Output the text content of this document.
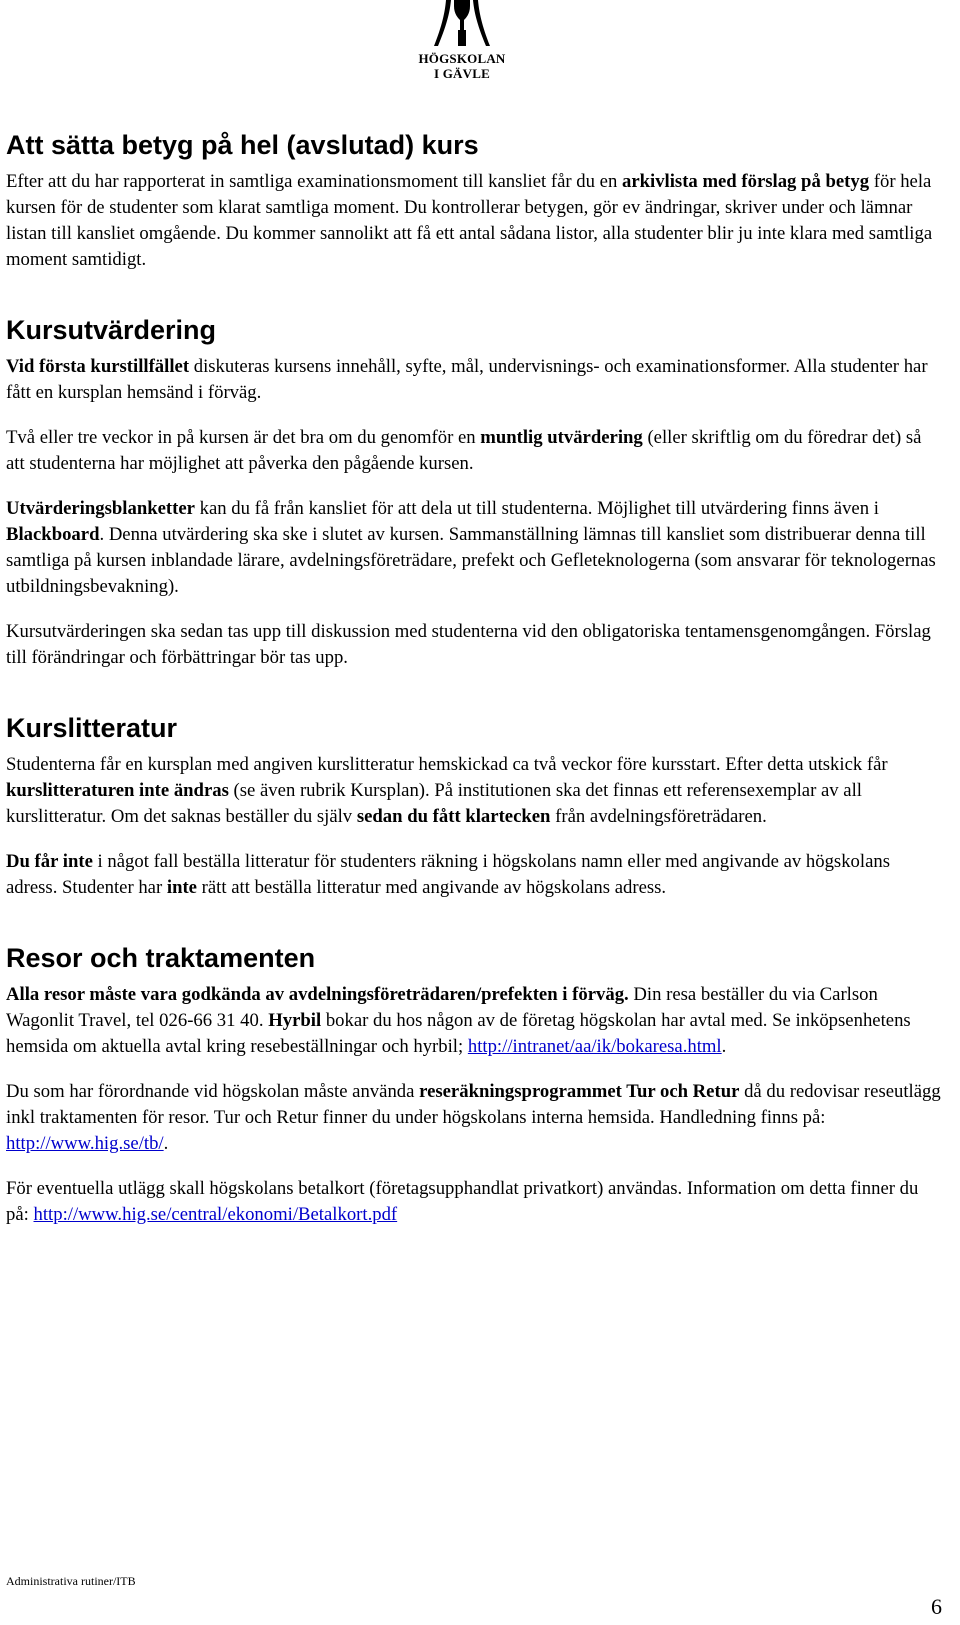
HÖGSKOLAN
I GÄVLE
Att sätta betyg på hel (avslutad) kurs

Efter att du har rapporterat in samtliga examinationsmoment till kansliet får du en arkivlista med förslag på betyg för hela kursen för de studenter som klarat samtliga moment. Du kontrollerar betygen, gör ev ändringar, skriver under och lämnar listan till kansliet omgående. Du kommer sannolikt att få ett antal sådana listor, alla studenter blir ju inte klara med samtliga moment samtidigt.

Kursutvärdering

Vid första kurstillfället diskuteras kursens innehåll, syfte, mål, undervisnings- och examinationsformer. Alla studenter har fått en kursplan hemsänd i förväg.

Två eller tre veckor in på kursen är det bra om du genomför en muntlig utvärdering (eller skriftlig om du föredrar det) så att studenterna har möjlighet att påverka den pågående kursen.

Utvärderingsblanketter kan du få från kansliet för att dela ut till studenterna. Möjlighet till utvärdering finns även i Blackboard. Denna utvärdering ska ske i slutet av kursen. Sammanställning lämnas till kansliet som distribuerar denna till samtliga på kursen inblandade lärare, avdelningsföreträdare, prefekt och Gefleteknologerna (som ansvarar för teknologernas utbildningsbevakning).

Kursutvärderingen ska sedan tas upp till diskussion med studenterna vid den obligatoriska tentamensgenomgången. Förslag till förändringar och förbättringar bör tas upp.

Kurslitteratur

Studenterna får en kursplan med angiven kurslitteratur hemskickad ca två veckor före kursstart. Efter detta utskick får kurslitteraturen inte ändras (se även rubrik Kursplan). På institutionen ska det finnas ett referensexemplar av all kurslitteratur. Om det saknas beställer du själv sedan du fått klartecken från avdelningsföreträdaren.

Du får inte i något fall beställa litteratur för studenters räkning i högskolans namn eller med angivande av högskolans adress. Studenter har inte rätt att beställa litteratur med angivande av högskolans adress.

Resor och traktamenten

Alla resor måste vara godkända av avdelningsföreträdaren/prefekten i förväg. Din resa beställer du via Carlson Wagonlit Travel, tel 026-66 31 40. Hyrbil bokar du hos någon av de företag högskolan har avtal med. Se inköpsenhetens hemsida om aktuella avtal kring resebeställningar och hyrbil; http://intranet/aa/ik/bokaresa.html.

Du som har förordnande vid högskolan måste använda reseräkningsprogrammet Tur och Retur då du redovisar reseutlägg inkl traktamenten för resor. Tur och Retur finner du under högskolans interna hemsida. Handledning finns på: http://www.hig.se/tb/.

För eventuella utlägg skall högskolans betalkort (företagsupphandlat privatkort) användas. Information om detta finner du på: http://www.hig.se/central/ekonomi/Betalkort.pdf

Administrativa rutiner/ITB
6
